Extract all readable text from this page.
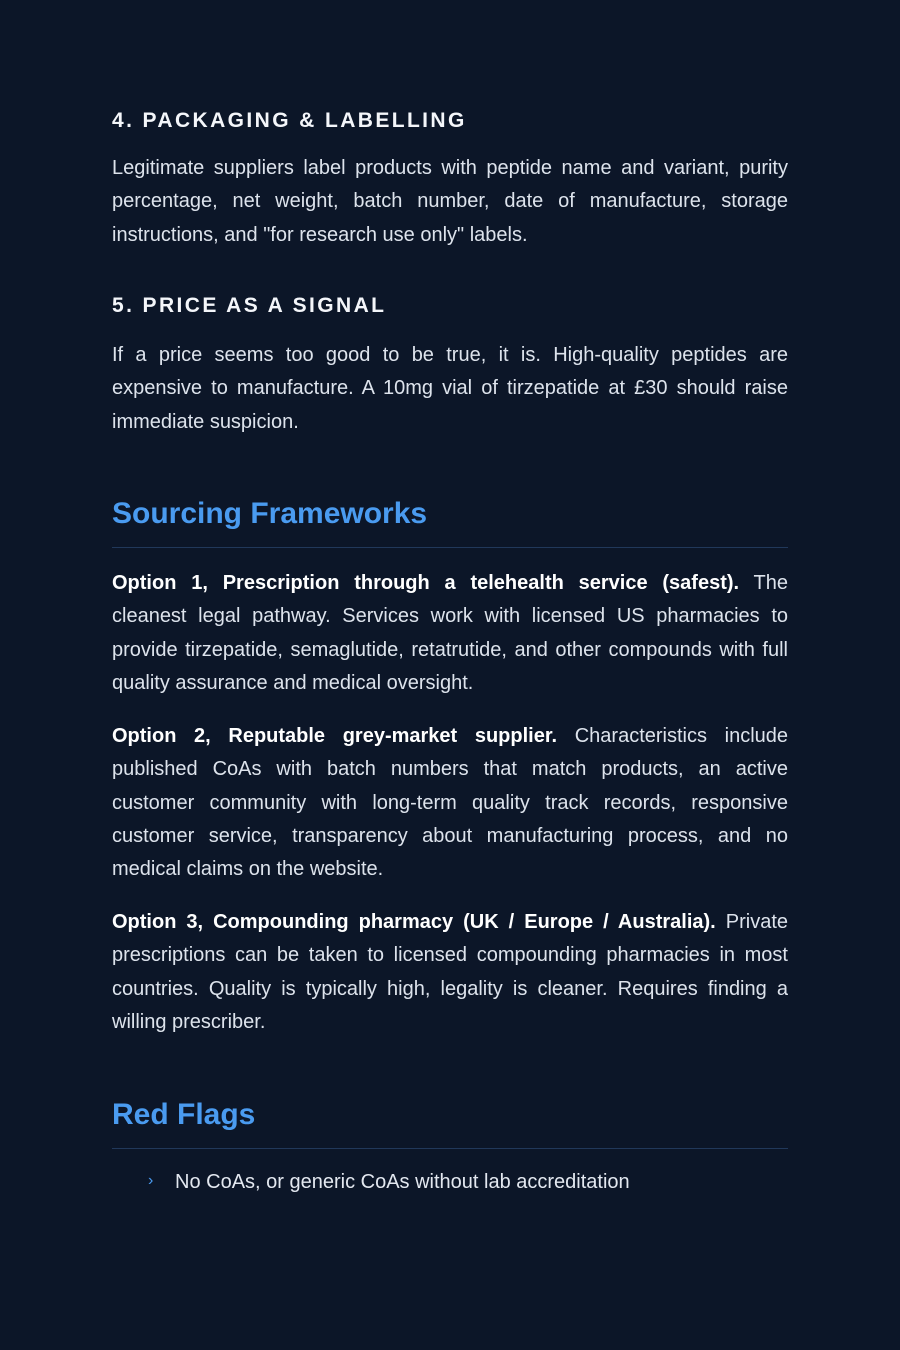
4. PACKAGING & LABELLING

Legitimate suppliers label products with peptide name and variant, purity percentage, net weight, batch number, date of manufacture, storage instructions, and "for research use only" labels.

5. PRICE AS A SIGNAL

If a price seems too good to be true, it is. High-quality peptides are expensive to manufacture. A 10mg vial of tirzepatide at £30 should raise immediate suspicion.

Sourcing Frameworks

Option 1, Prescription through a telehealth service (safest). The cleanest legal pathway. Services work with licensed US pharmacies to provide tirzepatide, semaglutide, retatrutide, and other compounds with full quality assurance and medical oversight.

Option 2, Reputable grey-market supplier. Characteristics include published CoAs with batch numbers that match products, an active customer community with long-term quality track records, responsive customer service, transparency about manufacturing process, and no medical claims on the website.

Option 3, Compounding pharmacy (UK / Europe / Australia). Private prescriptions can be taken to licensed compounding pharmacies in most countries. Quality is typically high, legality is cleaner. Requires finding a willing prescriber.

Red Flags
› No CoAs, or generic CoAs without lab accreditation
